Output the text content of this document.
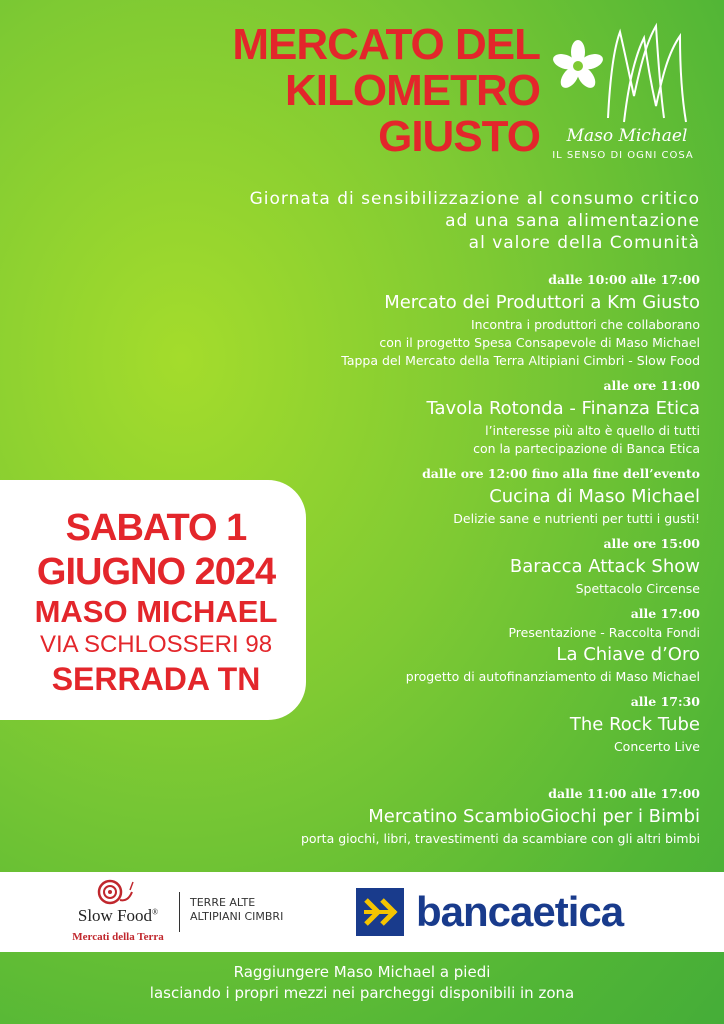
MERCATO DEL
KILOMETRO
GIUSTO Maso Michael
IL SENSO DI OGNI COSA
Giornata di sensibilizzazione al consumo critico
ad una sana alimentazione
al valore della Comunità
dalle 10:00 alle 17:00
Mercato dei Produttori a Km Giusto
Incontra i produttori che collaborano
con il progetto Spesa Consapevole di Maso Michael
Tappa del Mercato della Terra Altipiani Cimbri - Slow Food
alle ore 11:00
Tavola Rotonda - Finanza Etica
l’interesse più alto è quello di tutti
con la partecipazione di Banca Etica
dalle ore 12:00 fino alla fine dell’evento
Cucina di Maso Michael
Delizie sane e nutrienti per tutti i gusti!
alle ore 15:00
Baracca Attack Show
Spettacolo Circense
alle 17:00
Presentazione - Raccolta Fondi
La Chiave d’Oro
progetto di autofinanziamento di Maso Michael
alle 17:30
The Rock Tube
Concerto Live
dalle 11:00 alle 17:00
Mercatino ScambioGiochi per i Bimbi
porta giochi, libri, travestimenti da scambiare con gli altri bimbi
SABATO 1
GIUGNO 2024
MASO MICHAEL
VIA SCHLOSSERI 98
SERRADA TN
Slow Food®
Mercati della Terra
TERRE ALTE
ALTIPIANI CIMBRI	bancaetica
Raggiungere Maso Michael a piedi
lasciando i propri mezzi nei parcheggi disponibili in zona
